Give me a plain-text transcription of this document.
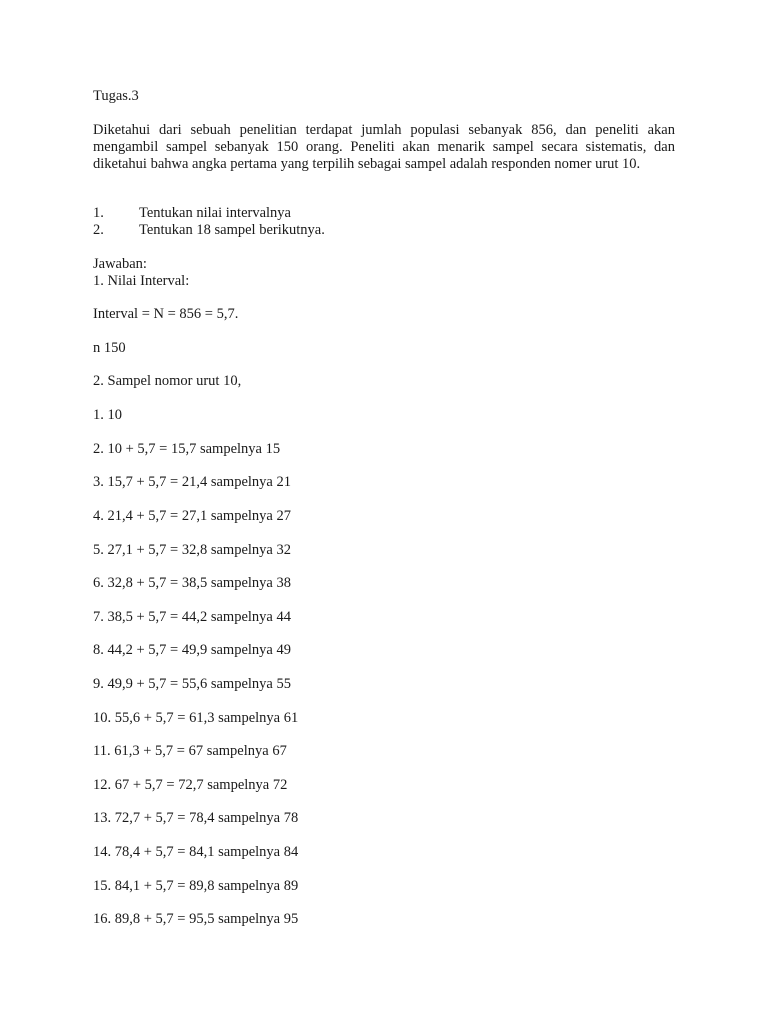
Tugas.3
Diketahui dari sebuah penelitian terdapat jumlah populasi sebanyak 856, dan peneliti akan mengambil sampel sebanyak 150 orang. Peneliti akan menarik sampel secara sistematis, dan diketahui bahwa angka pertama yang terpilih sebagai sampel adalah responden nomer urut 10.
1. Tentukan nilai intervalnya
2. Tentukan 18 sampel berikutnya.
Jawaban:
1. Nilai Interval:
Interval = N = 856 = 5,7.
n 150
2. Sampel nomor urut 10,
1. 10
2. 10 + 5,7 = 15,7 sampelnya 15
3. 15,7 + 5,7 = 21,4 sampelnya 21
4. 21,4 + 5,7 = 27,1 sampelnya 27
5. 27,1 + 5,7 = 32,8 sampelnya 32
6. 32,8 + 5,7 = 38,5 sampelnya 38
7. 38,5 + 5,7 = 44,2 sampelnya 44
8. 44,2 + 5,7 = 49,9 sampelnya 49
9. 49,9 + 5,7 = 55,6 sampelnya 55
10. 55,6 + 5,7 = 61,3 sampelnya 61
11. 61,3 + 5,7 = 67 sampelnya 67
12. 67 + 5,7 = 72,7 sampelnya 72
13. 72,7 + 5,7 = 78,4 sampelnya 78
14. 78,4 + 5,7 = 84,1 sampelnya 84
15. 84,1 + 5,7 = 89,8 sampelnya 89
16. 89,8 + 5,7 = 95,5 sampelnya 95
